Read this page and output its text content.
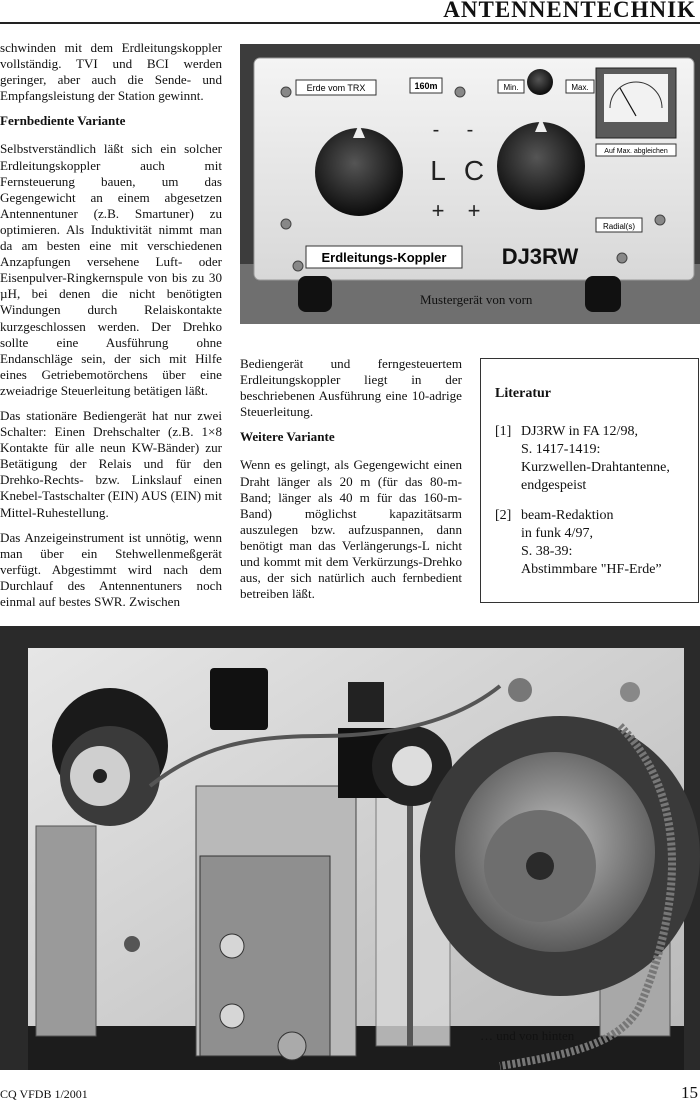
ANTENNENTECHNIK

schwinden mit dem Erdleitungskoppler vollständig. TVI und BCI werden geringer, aber auch die Sende- und Empfangsleistung der Station gewinnt.

Fernbediente Variante

Selbstverständlich läßt sich ein solcher Erdleitungskoppler auch mit Fernsteuerung bauen, um das Gegengewicht an einem abgesetzen Antennentuner (z.B. Smartuner) zu optimieren. Als Induktivität nimmt man da am besten eine mit verschiedenen Anzapfungen versehene Luft- oder Eisenpulver-Ringkernspule von bis zu 30 µH, bei denen die nicht benötigten Windungen durch Relaiskontakte kurzgeschlossen werden. Der Drehko sollte eine Ausführung ohne Endanschläge sein, der sich mit Hilfe eines Getriebemotörchens über eine zweiadrige Steuerleitung betätigen läßt.

Das stationäre Bediengerät hat nur zwei Schalter: Einen Drehschalter (z.B. 1×8 Kontakte für alle neun KW-Bänder) zur Betätigung der Relais und für den Drehko-Rechts- bzw. Linkslauf einen Knebel-Tastschalter (EIN) AUS (EIN) mit Mittel-Ruhestellung.

Das Anzeigeinstrument ist unnötig, wenn man über ein Stehwellenmeßgerät verfügt. Abgestimmt wird nach dem Durchlauf des Antennentuners noch einmal auf bestes SWR. Zwischen

Erde vom TRX	160m	Min.	Max.
Auf Max. abgleichen
-
L
+
-
C
+
Radial(s)
Erdleitungs-Koppler	DJ3RW
Mustergerät von vorn

Bediengerät und ferngesteuertem Erdleitungskoppler liegt in der beschriebenen Ausführung eine 10-adrige Steuerleitung.

Weitere Variante

Wenn es gelingt, als Gegengewicht einen Draht länger als 20 m (für das 80-m-Band; länger als 40 m für das 160-m-Band) möglichst kapazitätsarm auszulegen bzw. aufzuspannen, dann benötigt man das Verlängerungs-L nicht und kommt mit dem Verkürzungs-Drehko aus, der sich natürlich auch fernbedient betreiben läßt.

Literatur
[1] DJ3RW in FA 12/98,
S. 1417-1419:
Kurzwellen-Drahtantenne,
endgespeist
[2] beam-Redaktion
in funk 4/97,
S. 38-39:
Abstimmbare "HF-Erde”
… und von hinten
CQ VFDB 1/2001	15
